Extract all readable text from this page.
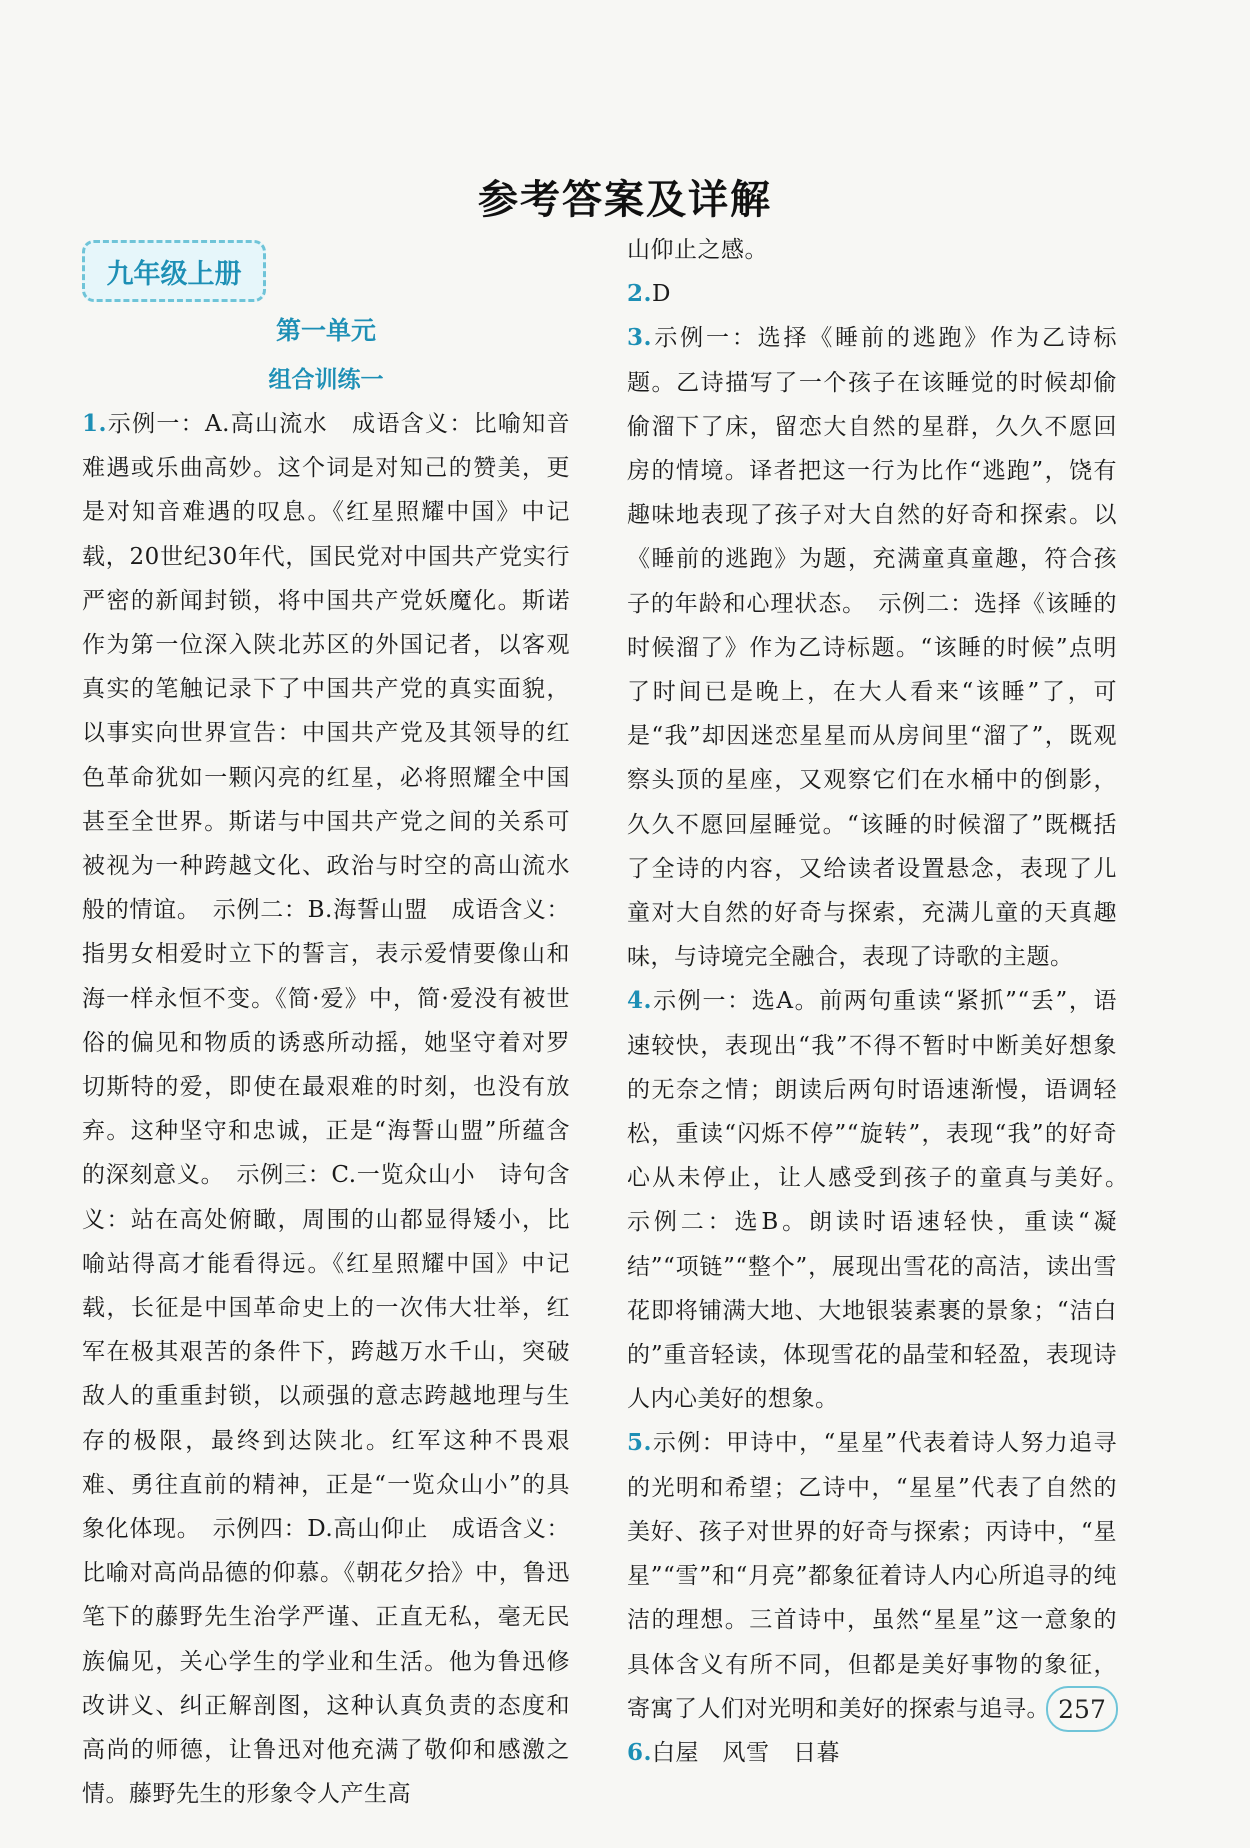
参考答案及详解
九年级上册
第一单元
组合训练一

1.示例一：A.高山流水　成语含义：比喻知音难遇或乐曲高妙。这个词是对知己的赞美，更是对知音难遇的叹息。《红星照耀中国》中记载，20世纪30年代，国民党对中国共产党实行严密的新闻封锁，将中国共产党妖魔化。斯诺作为第一位深入陕北苏区的外国记者，以客观真实的笔触记录下了中国共产党的真实面貌，以事实向世界宣告：中国共产党及其领导的红色革命犹如一颗闪亮的红星，必将照耀全中国甚至全世界。斯诺与中国共产党之间的关系可被视为一种跨越文化、政治与时空的高山流水般的情谊。　示例二：B.海誓山盟　成语含义：指男女相爱时立下的誓言，表示爱情要像山和海一样永恒不变。《简·爱》中，简·爱没有被世俗的偏见和物质的诱惑所动摇，她坚守着对罗切斯特的爱，即使在最艰难的时刻，也没有放弃。这种坚守和忠诚，正是“海誓山盟”所蕴含的深刻意义。　示例三：C.一览众山小　诗句含义：站在高处俯瞰，周围的山都显得矮小，比喻站得高才能看得远。《红星照耀中国》中记载，长征是中国革命史上的一次伟大壮举，红军在极其艰苦的条件下，跨越万水千山，突破敌人的重重封锁，以顽强的意志跨越地理与生存的极限，最终到达陕北。红军这种不畏艰难、勇往直前的精神，正是“一览众山小”的具象化体现。　示例四：D.高山仰止　成语含义：比喻对高尚品德的仰慕。《朝花夕拾》中，鲁迅笔下的藤野先生治学严谨、正直无私，毫无民族偏见，关心学生的学业和生活。他为鲁迅修改讲义、纠正解剖图，这种认真负责的态度和高尚的师德，让鲁迅对他充满了敬仰和感激之情。藤野先生的形象令人产生高

山仰止之感。

2.D

3.示例一：选择《睡前的逃跑》作为乙诗标题。乙诗描写了一个孩子在该睡觉的时候却偷偷溜下了床，留恋大自然的星群，久久不愿回房的情境。译者把这一行为比作“逃跑”，饶有趣味地表现了孩子对大自然的好奇和探索。以《睡前的逃跑》为题，充满童真童趣，符合孩子的年龄和心理状态。　示例二：选择《该睡的时候溜了》作为乙诗标题。“该睡的时候”点明了时间已是晚上，在大人看来“该睡”了，可是“我”却因迷恋星星而从房间里“溜了”，既观察头顶的星座，又观察它们在水桶中的倒影，久久不愿回屋睡觉。“该睡的时候溜了”既概括了全诗的内容，又给读者设置悬念，表现了儿童对大自然的好奇与探索，充满儿童的天真趣味，与诗境完全融合，表现了诗歌的主题。

4.示例一：选A。前两句重读“紧抓”“丢”，语速较快，表现出“我”不得不暂时中断美好想象的无奈之情；朗读后两句时语速渐慢，语调轻松，重读“闪烁不停”“旋转”，表现“我”的好奇心从未停止，让人感受到孩子的童真与美好。　示例二：选B。朗读时语速轻快，重读“凝结”“项链”“整个”，展现出雪花的高洁，读出雪花即将铺满大地、大地银装素裹的景象；“洁白的”重音轻读，体现雪花的晶莹和轻盈，表现诗人内心美好的想象。

5.示例：甲诗中，“星星”代表着诗人努力追寻的光明和希望；乙诗中，“星星”代表了自然的美好、孩子对世界的好奇与探索；丙诗中，“星星”“雪”和“月亮”都象征着诗人内心所追寻的纯洁的理想。三首诗中，虽然“星星”这一意象的具体含义有所不同，但都是美好事物的象征，寄寓了人们对光明和美好的探索与追寻。

6.白屋　风雪　日暮

257
